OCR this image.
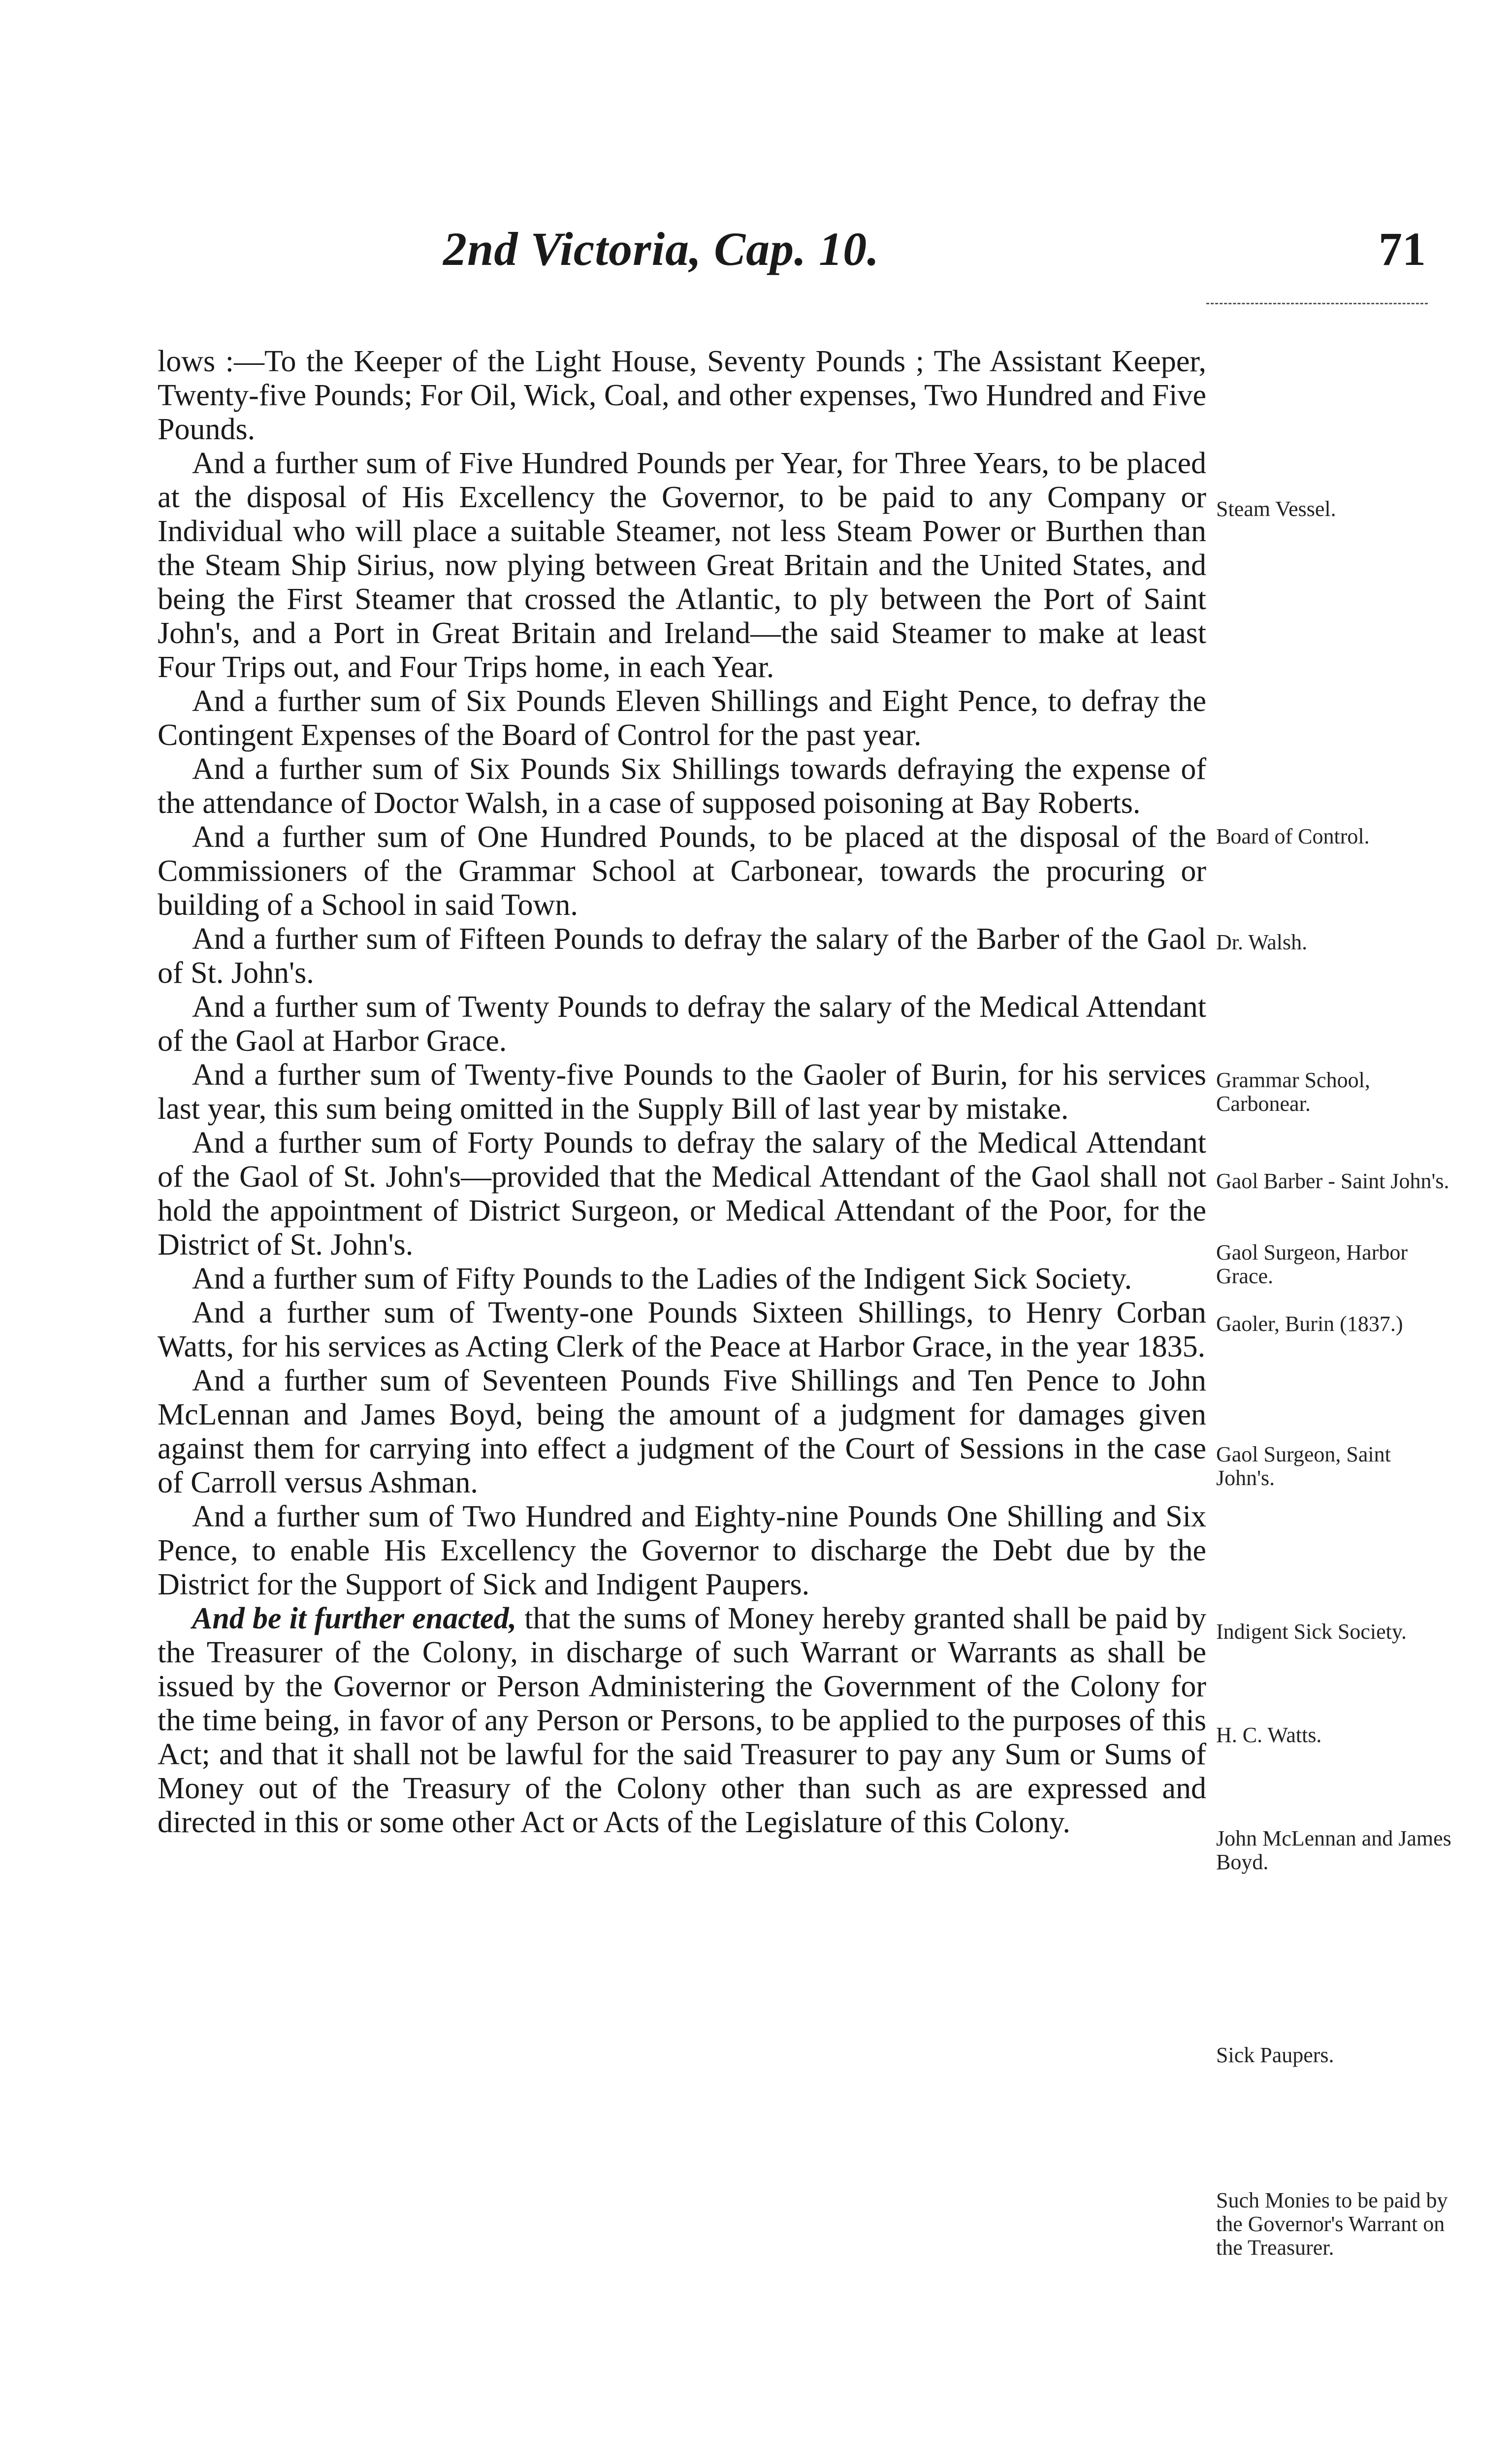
2nd Victoria, Cap. 10.	71

lows :—To the Keeper of the Light House, Seventy Pounds ; The Assistant Keeper, Twenty-five Pounds; For Oil, Wick, Coal, and other expenses, Two Hundred and Five Pounds.

And a further sum of Five Hundred Pounds per Year, for Three Years, to be placed at the disposal of His Excellency the Governor, to be paid to any Company or Individual who will place a suitable Steamer, not less Steam Power or Burthen than the Steam Ship Sirius, now plying between Great Britain and the United States, and being the First Steamer that crossed the Atlantic, to ply between the Port of Saint John's, and a Port in Great Britain and Ireland—the said Steamer to make at least Four Trips out, and Four Trips home, in each Year.

And a further sum of Six Pounds Eleven Shillings and Eight Pence, to defray the Contingent Expenses of the Board of Control for the past year.

And a further sum of Six Pounds Six Shillings towards defraying the expense of the attendance of Doctor Walsh, in a case of supposed poisoning at Bay Roberts.

And a further sum of One Hundred Pounds, to be placed at the disposal of the Commissioners of the Grammar School at Carbonear, towards the procuring or building of a School in said Town.

And a further sum of Fifteen Pounds to defray the salary of the Barber of the Gaol of St. John's.

And a further sum of Twenty Pounds to defray the salary of the Medical Attendant of the Gaol at Harbor Grace.

And a further sum of Twenty-five Pounds to the Gaoler of Burin, for his services last year, this sum being omitted in the Supply Bill of last year by mistake.

And a further sum of Forty Pounds to defray the salary of the Medical Attendant of the Gaol of St. John's—provided that the Medical Attendant of the Gaol shall not hold the appointment of District Surgeon, or Medical Attendant of the Poor, for the District of St. John's.

And a further sum of Fifty Pounds to the Ladies of the Indigent Sick Society.

And a further sum of Twenty-one Pounds Sixteen Shillings, to Henry Corban Watts, for his services as Acting Clerk of the Peace at Harbor Grace, in the year 1835.

And a further sum of Seventeen Pounds Five Shillings and Ten Pence to John McLennan and James Boyd, being the amount of a judgment for damages given against them for carrying into effect a judgment of the Court of Sessions in the case of Carroll versus Ashman.

And a further sum of Two Hundred and Eighty-nine Pounds One Shilling and Six Pence, to enable His Excellency the Governor to discharge the Debt due by the District for the Support of Sick and Indigent Paupers.

And be it further enacted, that the sums of Money hereby granted shall be paid by the Treasurer of the Colony, in discharge of such Warrant or Warrants as shall be issued by the Governor or Person Administering the Government of the Colony for the time being, in favor of any Person or Persons, to be applied to the purposes of this Act; and that it shall not be lawful for the said Treasurer to pay any Sum or Sums of Money out of the Treasury of the Colony other than such as are expressed and directed in this or some other Act or Acts of the Legislature of this Colony.

Steam Vessel.
Board of Control.
Dr. Walsh.
Grammar School, Carbonear.
Gaol Barber - Saint John's.
Gaol Surgeon, Harbor Grace.
Gaoler, Burin (1837.)
Gaol Surgeon, Saint John's.
Indigent Sick Society.
H. C. Watts.
John McLennan and James Boyd.
Sick Paupers.
Such Monies to be paid by the Governor's Warrant on the Treasurer.
